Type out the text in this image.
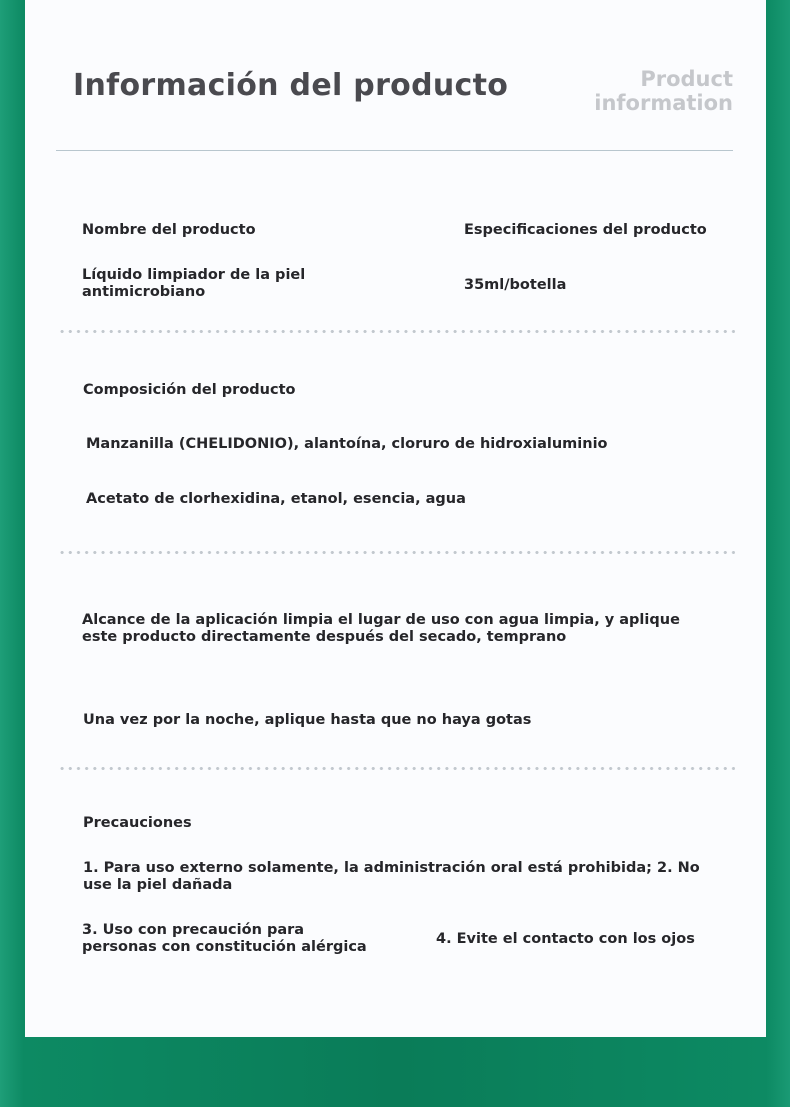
Información del producto	Product
information

Nombre del producto	Especificaciones del producto

Líquido limpiador de la piel antimicrobiano	35ml/botella

Composición del producto

Manzanilla (CHELIDONIO), alantoína, cloruro de hidroxialuminio

Acetato de clorhexidina, etanol, esencia, agua

Alcance de la aplicación limpia el lugar de uso con agua limpia, y aplique este producto directamente después del secado, temprano

Una vez por la noche, aplique hasta que no haya gotas

Precauciones

1. Para uso externo solamente, la administración oral está prohibida; 2. No use la piel dañada

3. Uso con precaución para personas con constitución alérgica	4. Evite el contacto con los ojos
